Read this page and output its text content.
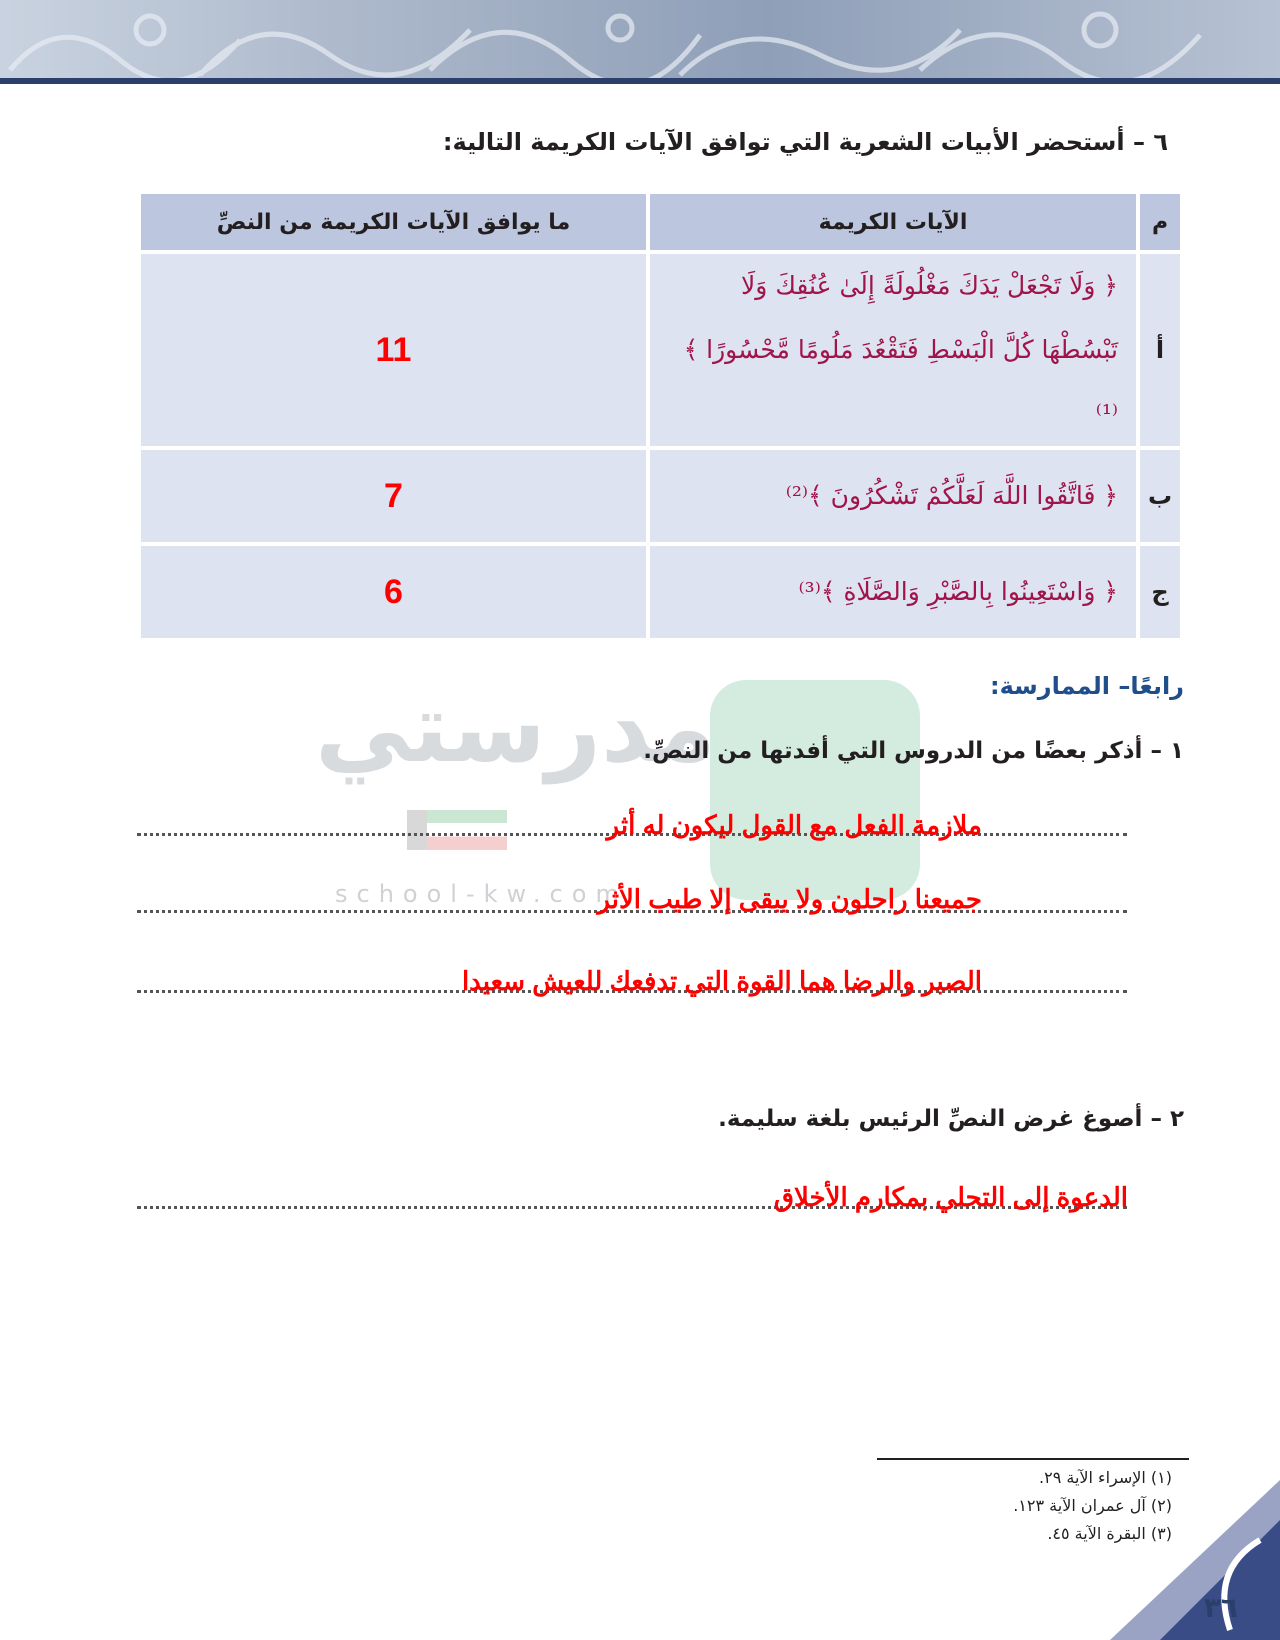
٦ – أستحضر الأبيات الشعرية التي توافق الآيات الكريمة التالية:
م	الآيات الكريمة	ما يوافق الآيات الكريمة من النصِّ
أ	﴿ وَلَا تَجْعَلْ يَدَكَ مَغْلُولَةً إِلَىٰ عُنُقِكَ وَلَا
تَبْسُطْهَا كُلَّ الْبَسْطِ فَتَقْعُدَ مَلُومًا مَّحْسُورًا ﴾⁽¹⁾	11
ب	﴿ فَاتَّقُوا اللَّهَ لَعَلَّكُمْ تَشْكُرُونَ ﴾⁽²⁾	7
ج	﴿ وَاسْتَعِينُوا بِالصَّبْرِ وَالصَّلَاةِ ﴾⁽³⁾	6
مدرستي
school-kw.com
رابعًا– الممارسة:
١ – أذكر بعضًا من الدروس التي أفدتها من النصِّ.
ملازمة الفعل مع القول ليكون له أثر
جميعنا راحلون ولا يبقى إلا طيب الأثر
الصبر والرضا هما القوة التي تدفعك للعيش سعيدا
٢ – أصوغ غرض النصِّ الرئيس بلغة سليمة.
الدعوة إلى التحلي بمكارم الأخلاق
(١) الإسراء الآية ٢٩.
(٢) آل عمران الآية ١٢٣.
(٣) البقرة الآية ٤٥.
٣٦
